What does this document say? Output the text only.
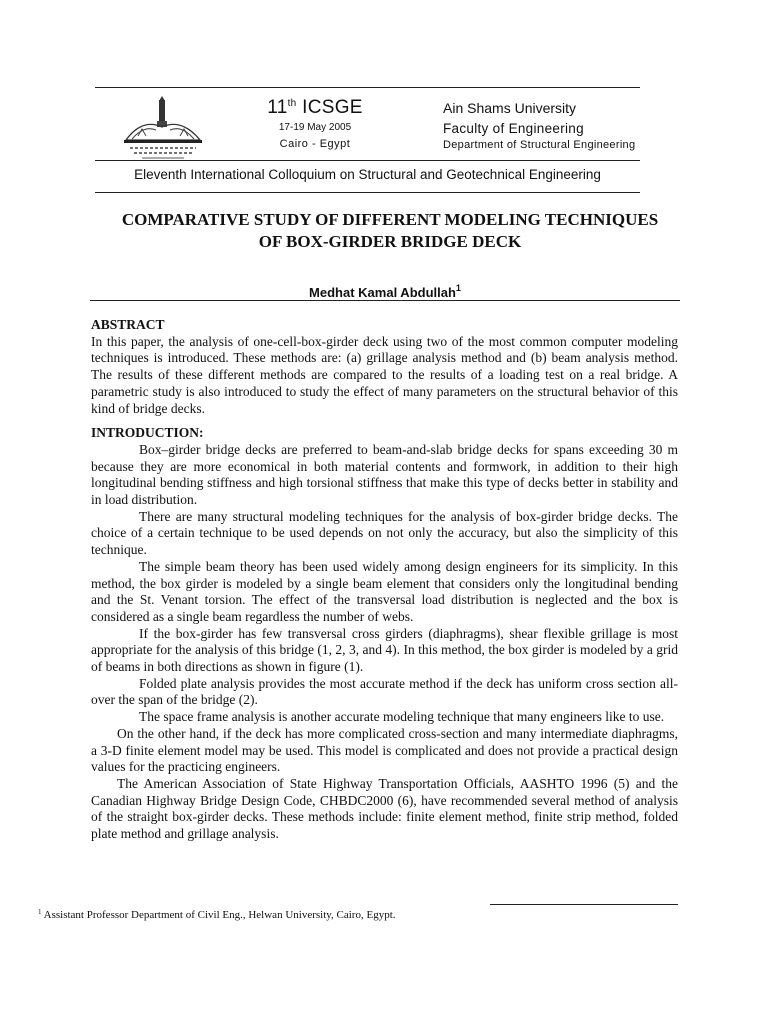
11th ICSGE
17-19 May 2005
Cairo - Egypt
Ain Shams University
Faculty of Engineering
Department of Structural Engineering
Eleventh International Colloquium on Structural and Geotechnical Engineering
COMPARATIVE STUDY OF DIFFERENT MODELING TECHNIQUES
OF BOX-GIRDER BRIDGE DECK
Medhat Kamal Abdullah$^1$

ABSTRACT

In this paper, the analysis of one-cell-box-girder deck using two of the most common computer modeling techniques is introduced. These methods are: (a) grillage analysis method and (b) beam analysis method. The results of these different methods are compared to the results of a loading test on a real bridge. A parametric study is also introduced to study the effect of many parameters on the structural behavior of this kind of bridge decks.

INTRODUCTION:

Box–girder bridge decks are preferred to beam-and-slab bridge decks for spans exceeding 30 m because they are more economical in both material contents and formwork, in addition to their high longitudinal bending stiffness and high torsional stiffness that make this type of decks better in stability and in load distribution.

There are many structural modeling techniques for the analysis of box-girder bridge decks. The choice of a certain technique to be used depends on not only the accuracy, but also the simplicity of this technique.

The simple beam theory has been used widely among design engineers for its simplicity. In this method, the box girder is modeled by a single beam element that considers only the longitudinal bending and the St. Venant torsion. The effect of the transversal load distribution is neglected and the box is considered as a single beam regardless the number of webs.

If the box-girder has few transversal cross girders (diaphragms), shear flexible grillage is most appropriate for the analysis of this bridge (1, 2, 3, and 4). In this method, the box girder is modeled by a grid of beams in both directions as shown in figure (1).

Folded plate analysis provides the most accurate method if the deck has uniform cross section all-over the span of the bridge (2).

The space frame analysis is another accurate modeling technique that many engineers like to use.

On the other hand, if the deck has more complicated cross-section and many intermediate diaphragms, a 3-D finite element model may be used. This model is complicated and does not provide a practical design values for the practicing engineers.

The American Association of State Highway Transportation Officials, AASHTO 1996 (5) and the Canadian Highway Bridge Design Code, CHBDC2000 (6), have recommended several method of analysis of the straight box-girder decks. These methods include: finite element method, finite strip method, folded plate method and grillage analysis.

$^1$ Assistant Professor Department of Civil Eng., Helwan University, Cairo, Egypt.
